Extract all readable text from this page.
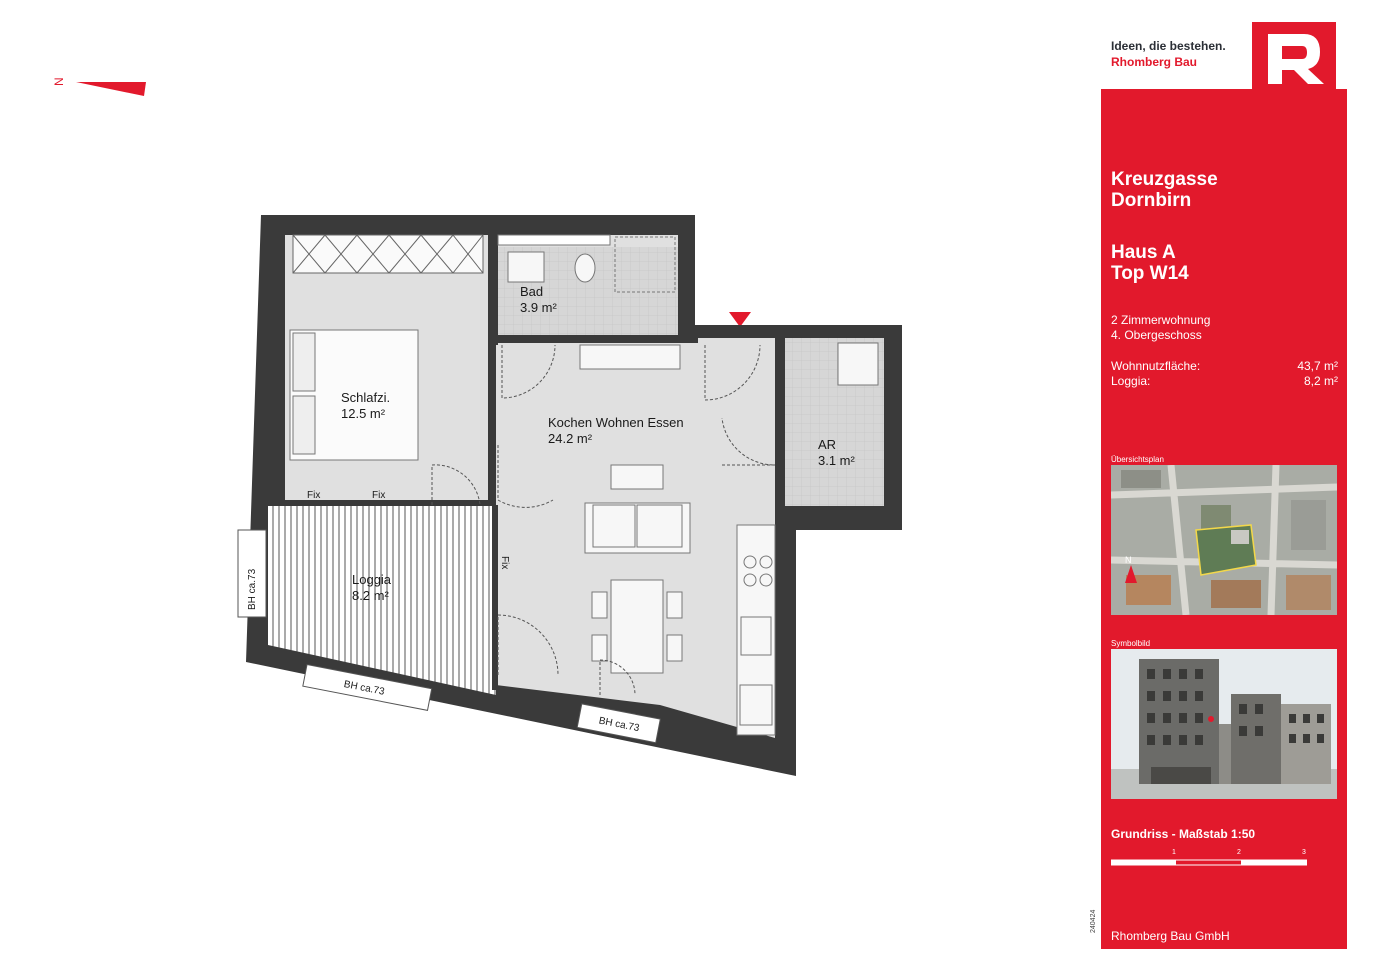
N
BH ca.73
BH ca.73
BH ca.73
Fix	Fix
Fix
Schlafzi.
12.5 m²
Bad
3.9 m²
Kochen Wohnen Essen
24.2 m²	AR
3.1 m²
Loggia
8.2 m²
Ideen, die bestehen.
Rhomberg Bau
Kreuzgasse
Dornbirn
Haus A
Top W14
2 Zimmerwohnung
4. Obergeschoss
Wohnnutzfläche:	43,7 m²
Loggia:	8,2 m²
Übersichtsplan
N
Symbolbild
Grundriss - Maßstab 1:50
1	2	3
Rhomberg Bau GmbH
240424
